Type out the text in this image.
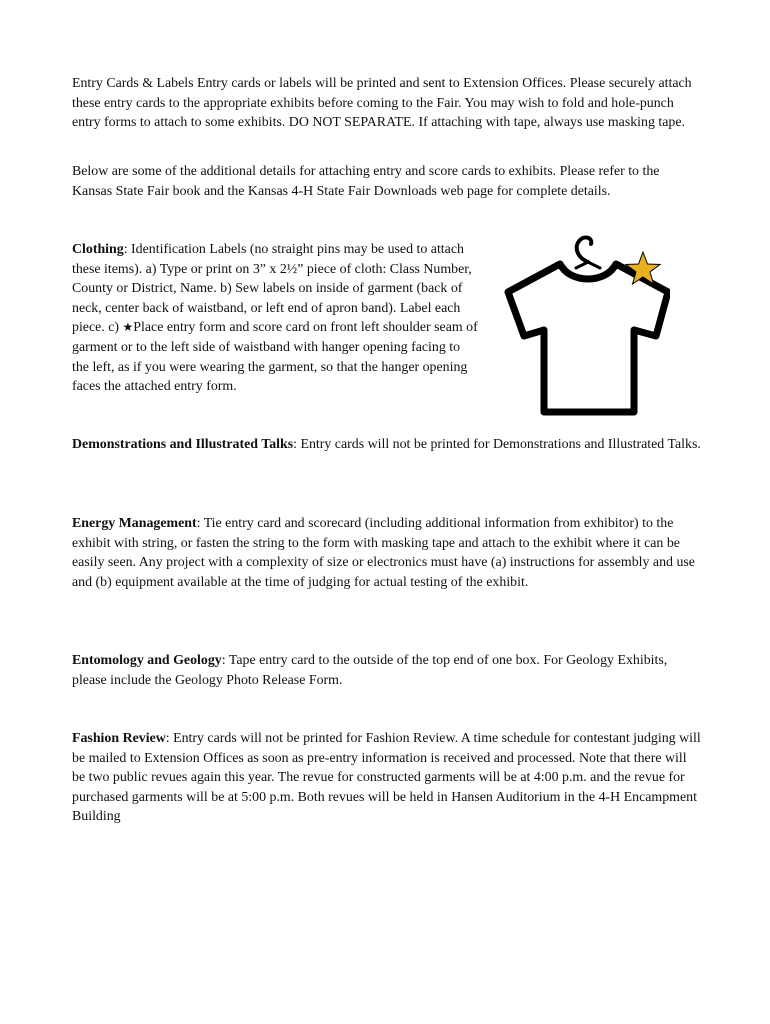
Entry Cards & Labels Entry cards or labels will be printed and sent to Extension Offices. Please securely attach these entry cards to the appropriate exhibits before coming to the Fair. You may wish to fold and hole-punch entry forms to attach to some exhibits. DO NOT SEPARATE. If attaching with tape, always use masking tape.

Below are some of the additional details for attaching entry and score cards to exhibits. Please refer to the Kansas State Fair book and the Kansas 4-H State Fair Downloads web page for complete details.

Clothing: Identification Labels (no straight pins may be used to attach these items). a) Type or print on 3” x 2½” piece of cloth: Class Number, County or District, Name. b) Sew labels on inside of garment (back of neck, center back of waistband, or left end of apron band). Label each piece. c) ★Place entry form and score card on front left shoulder seam of garment or to the left side of waistband with hanger opening facing to the left, as if you were wearing the garment, so that the hanger opening faces the attached entry form.

Demonstrations and Illustrated Talks: Entry cards will not be printed for Demonstrations and Illustrated Talks.

Energy Management: Tie entry card and scorecard (including additional information from exhibitor) to the exhibit with string, or fasten the string to the form with masking tape and attach to the exhibit where it can be easily seen. Any project with a complexity of size or electronics must have (a) instructions for assembly and use and (b) equipment available at the time of judging for actual testing of the exhibit.

Entomology and Geology: Tape entry card to the outside of the top end of one box. For Geology Exhibits, please include the Geology Photo Release Form.

Fashion Review: Entry cards will not be printed for Fashion Review. A time schedule for contestant judging will be mailed to Extension Offices as soon as pre-entry information is received and processed. Note that there will be two public revues again this year. The revue for constructed garments will be at 4:00 p.m. and the revue for purchased garments will be at 5:00 p.m. Both revues will be held in Hansen Auditorium in the 4-H Encampment Building
